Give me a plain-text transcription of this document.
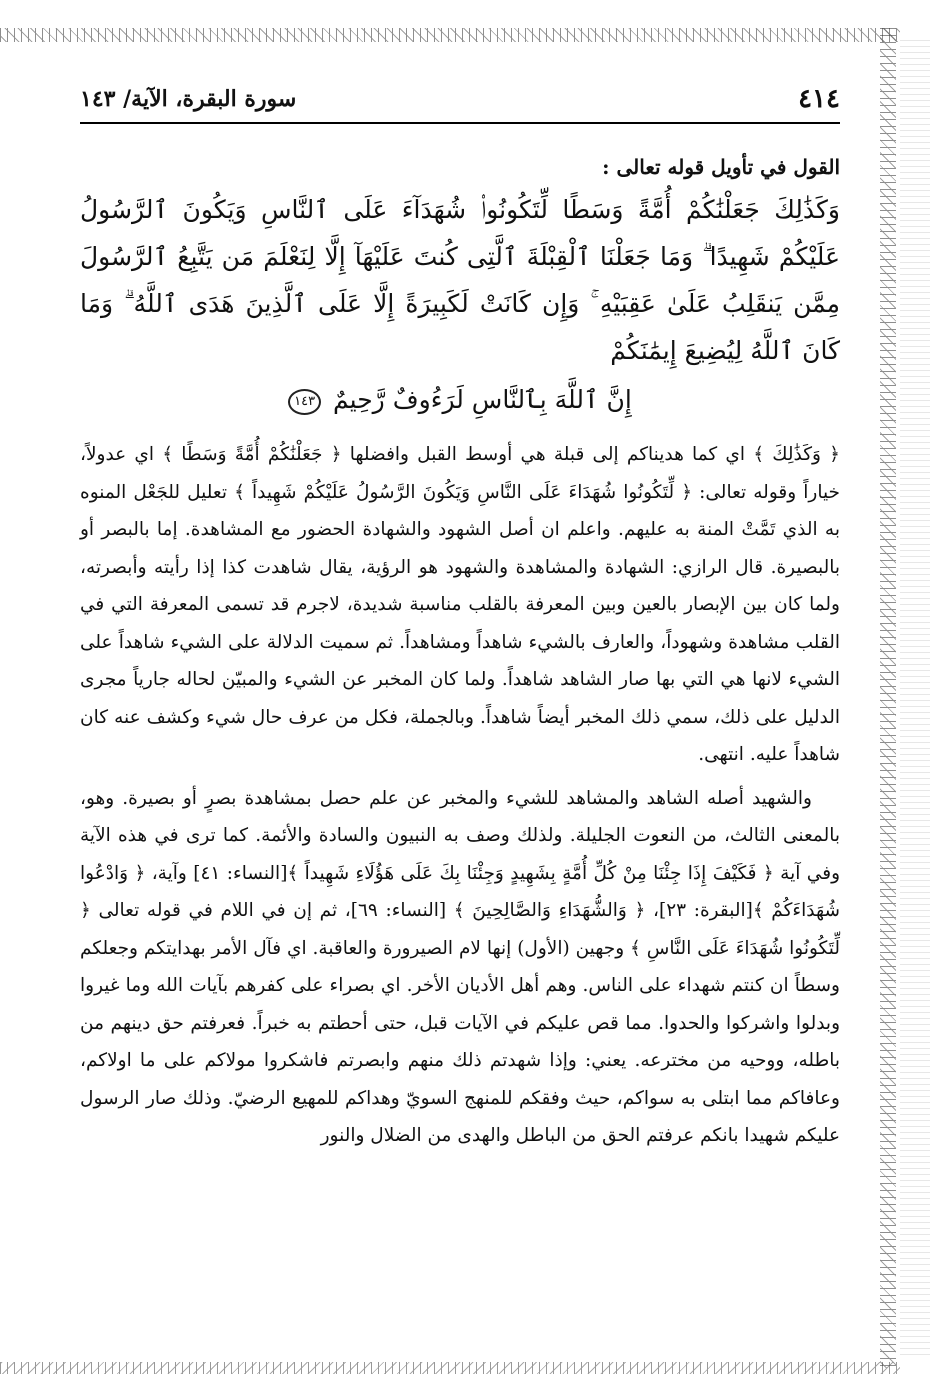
٤١٤
سورة البقرة، الآية/ ١٤٣
القول في تأويل قوله تعالى :
وَكَذَٰلِكَ جَعَلْنَٰكُمْ أُمَّةً وَسَطًا لِّتَكُونُوا۟ شُهَدَآءَ عَلَى ٱلنَّاسِ وَيَكُونَ ٱلرَّسُولُ عَلَيْكُمْ شَهِيدًا ۗ وَمَا جَعَلْنَا ٱلْقِبْلَةَ ٱلَّتِى كُنتَ عَلَيْهَآ إِلَّا لِنَعْلَمَ مَن يَتَّبِعُ ٱلرَّسُولَ مِمَّن يَنقَلِبُ عَلَىٰ عَقِبَيْهِ ۚ وَإِن كَانَتْ لَكَبِيرَةً إِلَّا عَلَى ٱلَّذِينَ هَدَى ٱللَّهُ ۗ وَمَا كَانَ ٱللَّهُ لِيُضِيعَ إِيمَٰنَكُمْ
إِنَّ ٱللَّهَ بِٱلنَّاسِ لَرَءُوفٌ رَّحِيمٌ ١٤٣

﴿ وَكَذَٰلِكَ ﴾ اي كما هديناكم إلى قبلة هي أوسط القبل وافضلها ﴿ جَعَلْنَٰكُمْ أُمَّةً وَسَطًا ﴾ اي عدولاً، خياراً وقوله تعالى: ﴿ لِّتَكُونُوا شُهَدَاءَ عَلَى النَّاسِ وَيَكُونَ الرَّسُولُ عَلَيْكُمْ شَهِيداً ﴾ تعليل للجَعْل المنوه به الذي تَمَّتْ المنة به عليهم. واعلم ان أصل الشهود والشهادة الحضور مع المشاهدة. إما بالبصر أو بالبصيرة. قال الرازي: الشهادة والمشاهدة والشهود هو الرؤية، يقال شاهدت كذا إذا رأيته وأبصرته، ولما كان بين الإبصار بالعين وبين المعرفة بالقلب مناسبة شديدة، لاجرم قد تسمى المعرفة التي في القلب مشاهدة وشهوداً، والعارف بالشيء شاهداً ومشاهداً. ثم سميت الدلالة على الشيء شاهداً على الشيء لانها هي التي بها صار الشاهد شاهداً. ولما كان المخبر عن الشيء والمبيّن لحاله جارياً مجرى الدليل على ذلك، سمي ذلك المخبر أيضاً شاهداً. وبالجملة، فكل من عرف حال شيء وكشف عنه كان شاهداً عليه. انتهى.

والشهيد أصله الشاهد والمشاهد للشيء والمخبر عن علم حصل بمشاهدة بصرٍ أو بصيرة. وهو، بالمعنى الثالث، من النعوت الجليلة. ولذلك وصف به النبيون والسادة والأئمة. كما ترى في هذه الآية وفي آية ﴿ فَكَيْفَ إِذَا جِئْنَا مِنْ كُلِّ أُمَّةٍ بِشَهِيدٍ وَجِئْنَا بِكَ عَلَى هَؤُلَاءِ شَهِيداً ﴾[النساء: ٤١] وآية، ﴿ وَادْعُوا شُهَدَاءَكُمْ ﴾[البقرة: ٢٣]، ﴿ وَالشُّهَدَاءِ وَالصَّالِحِينَ ﴾ [النساء: ٦٩]، ثم إن في اللام في قوله تعالى ﴿ لِّتَكُونُوا شُهَدَاءَ عَلَى النَّاسِ ﴾ وجهين (الأول) إنها لام الصيرورة والعاقبة. اي فآل الأمر بهدايتكم وجعلكم وسطاً ان كنتم شهداء على الناس. وهم أهل الأديان الأخر. اي بصراء على كفرهم بآيات الله وما غيروا وبدلوا واشركوا والحدوا. مما قص عليكم في الآيات قبل، حتى أحطتم به خبراً. فعرفتم حق دينهم من باطله، ووحيه من مخترعه. يعني: وإذا شهدتم ذلك منهم وابصرتم فاشكروا مولاكم على ما اولاكم، وعافاكم مما ابتلى به سواكم، حيث وفقكم للمنهج السويّ وهداكم للمهيع الرضيّ. وذلك صار الرسول عليكم شهيدا بانكم عرفتم الحق من الباطل والهدى من الضلال والنور
